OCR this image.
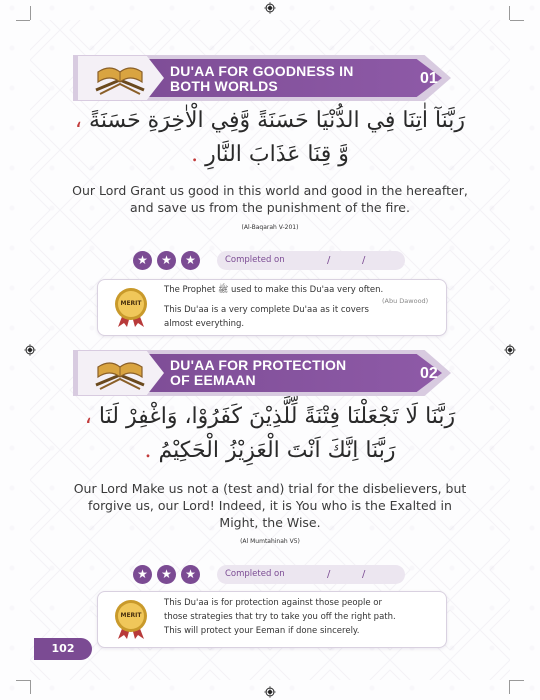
DU'AA FOR GOODNESS IN
BOTH WORLDS	01
رَبَّنَآ اٰتِنَا فِي الدُّنْيَا حَسَنَةً وَّفِي الْاٰخِرَةِ حَسَنَةً ،
وَّ قِنَا عَذَابَ النَّارِ .
Our Lord Grant us good in this world and good in the hereafter, and save us from the punishment of the fire.
(Al-Baqarah V-201)
★	★	★	Completed on	/	/
MERIT
The Prophet ﷺ used to make this Du'aa very often.
(Abu Dawood)
This Du'aa is a very complete Du'aa as it covers
almost everything.
DU'AA FOR PROTECTION
OF EEMAAN	02
رَبَّنَا لَا تَجْعَلْنَا فِتْنَةً لِّلَّذِيْنَ كَفَرُوْا، وَاغْفِرْ لَنَا ،
رَبَّنَا اِنَّكَ اَنْتَ الْعَزِيْزُ الْحَكِيْمُ .
Our Lord Make us not a (test and) trial for the disbelievers, but forgive us, our Lord! Indeed, it is You who is the Exalted in Might, the Wise.
(Al Mumtahinah V5)
★	★	★	Completed on	/	/
MERIT
This Du'aa is for protection against those people or
those strategies that try to take you off the right path.
This will protect your Eeman if done sincerely.
102
